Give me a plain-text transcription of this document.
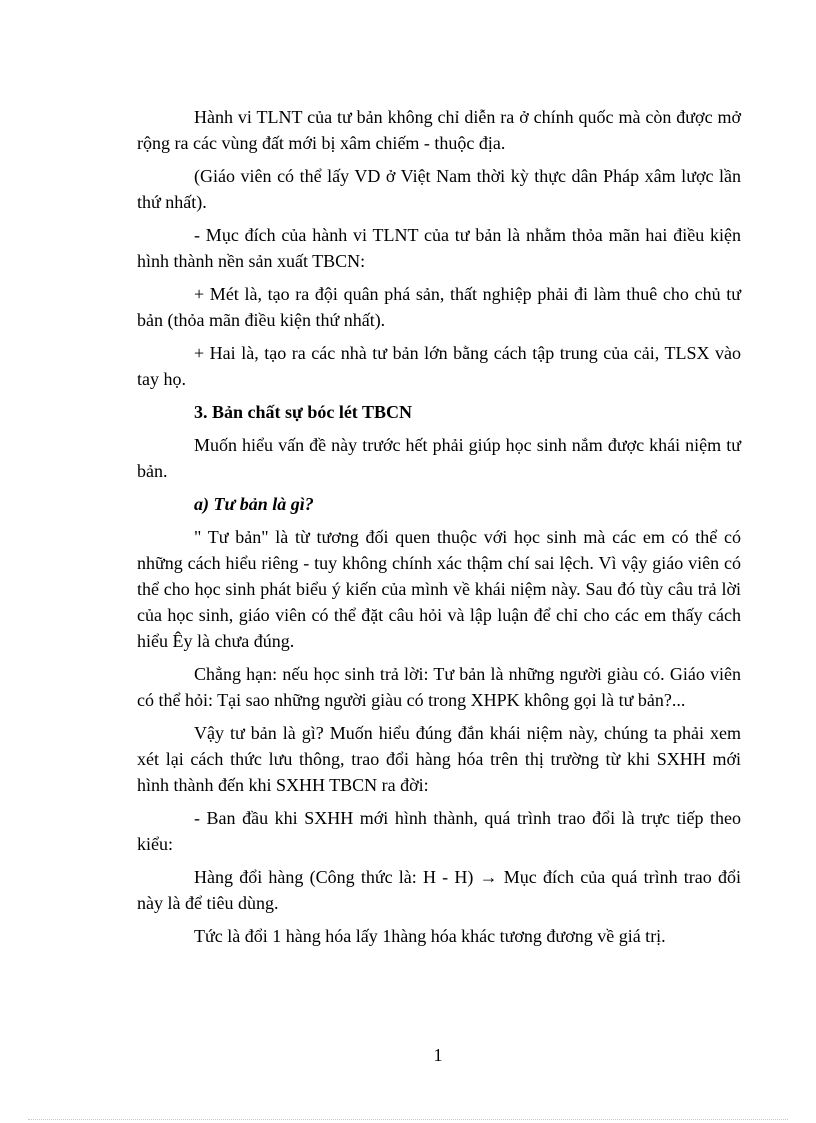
Hành vi TLNT của tư bản không chỉ diễn ra ở chính quốc mà còn được mở rộng ra các vùng đất mới bị xâm chiếm - thuộc địa.

(Giáo viên có thể lấy VD ở Việt Nam thời kỳ thực dân Pháp xâm lược lần thứ nhất).

- Mục đích của hành vi TLNT của tư bản là nhằm thỏa mãn hai điều kiện hình thành nền sản xuất TBCN:

+ Mét là, tạo ra đội quân phá sản, thất nghiệp phải đi làm thuê cho chủ tư bản (thỏa mãn điều kiện thứ nhất).

+ Hai là, tạo ra các nhà tư bản lớn bằng cách tập trung của cải, TLSX vào tay họ.

3. Bản chất sự bóc lét TBCN

Muốn hiểu vấn đề này trước hết phải giúp học sinh nắm được khái niệm tư bản.

a) Tư bản là gì?

" Tư bản" là từ tương đối quen thuộc với học sinh mà các em có thể có những cách hiểu riêng - tuy không chính xác thậm chí sai lệch. Vì vậy giáo viên có thể cho học sinh phát biểu ý kiến của mình về khái niệm này. Sau đó tùy câu trả lời của học sinh, giáo viên có thể đặt câu hỏi và lập luận để chỉ cho các em thấy cách hiểu Êy là chưa đúng.

Chẳng hạn: nếu học sinh trả lời: Tư bản là những người giàu có. Giáo viên có thể hỏi: Tại sao những người giàu có trong XHPK không gọi là tư bản?...

Vậy tư bản là gì? Muốn hiểu đúng đắn khái niệm này, chúng ta phải xem xét lại cách thức lưu thông, trao đổi hàng hóa trên thị trường từ khi SXHH mới hình thành đến khi SXHH TBCN ra đời:

- Ban đầu khi SXHH mới hình thành, quá trình trao đổi là trực tiếp theo kiểu:

Hàng đổi hàng (Công thức là: H - H) → Mục đích của quá trình trao đổi này là để tiêu dùng.

Tức là đổi 1 hàng hóa lấy 1hàng hóa khác tương đương về giá trị.

1
